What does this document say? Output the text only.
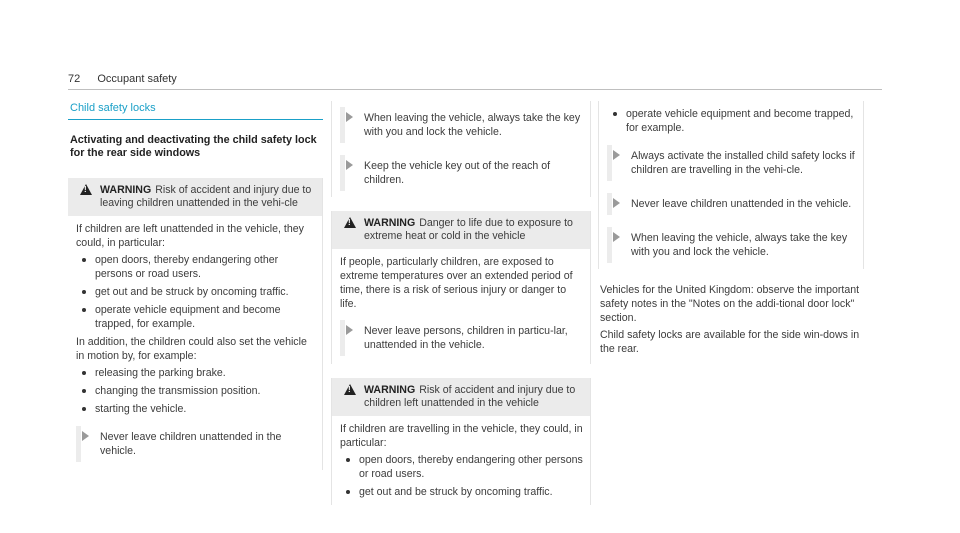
72 Occupant safety
Child safety locks
Activating and deactivating the child safety lock
for the rear side windows
!
WARNING Risk of accident and injury due to leaving children unattended in the vehi-cle

If children are left unattended in the vehicle, they could, in particular:

open doors, thereby endangering other persons or road users.
get out and be struck by oncoming traffic.
operate vehicle equipment and become trapped, for example.

In addition, the children could also set the vehicle in motion by, for example:

releasing the parking brake.
changing the transmission position.
starting the vehicle.
Never leave children unattended in the vehicle.
When leaving the vehicle, always take the key with you and lock the vehicle.
Keep the vehicle key out of the reach of children.
!
WARNING Danger to life due to exposure to extreme heat or cold in the vehicle

If people, particularly children, are exposed to extreme temperatures over an extended period of time, there is a risk of serious injury or danger to life.

Never leave persons, children in particu-lar, unattended in the vehicle.
!
WARNING Risk of accident and injury due to children left unattended in the vehicle

If children are travelling in the vehicle, they could, in particular:

open doors, thereby endangering other persons or road users.
get out and be struck by oncoming traffic.
operate vehicle equipment and become trapped, for example.
Always activate the installed child safety locks if children are travelling in the vehi-cle.
Never leave children unattended in the vehicle.
When leaving the vehicle, always take the key with you and lock the vehicle.

Vehicles for the United Kingdom: observe the important safety notes in the "Notes on the addi-tional door lock" section.

Child safety locks are available for the side win-dows in the rear.
